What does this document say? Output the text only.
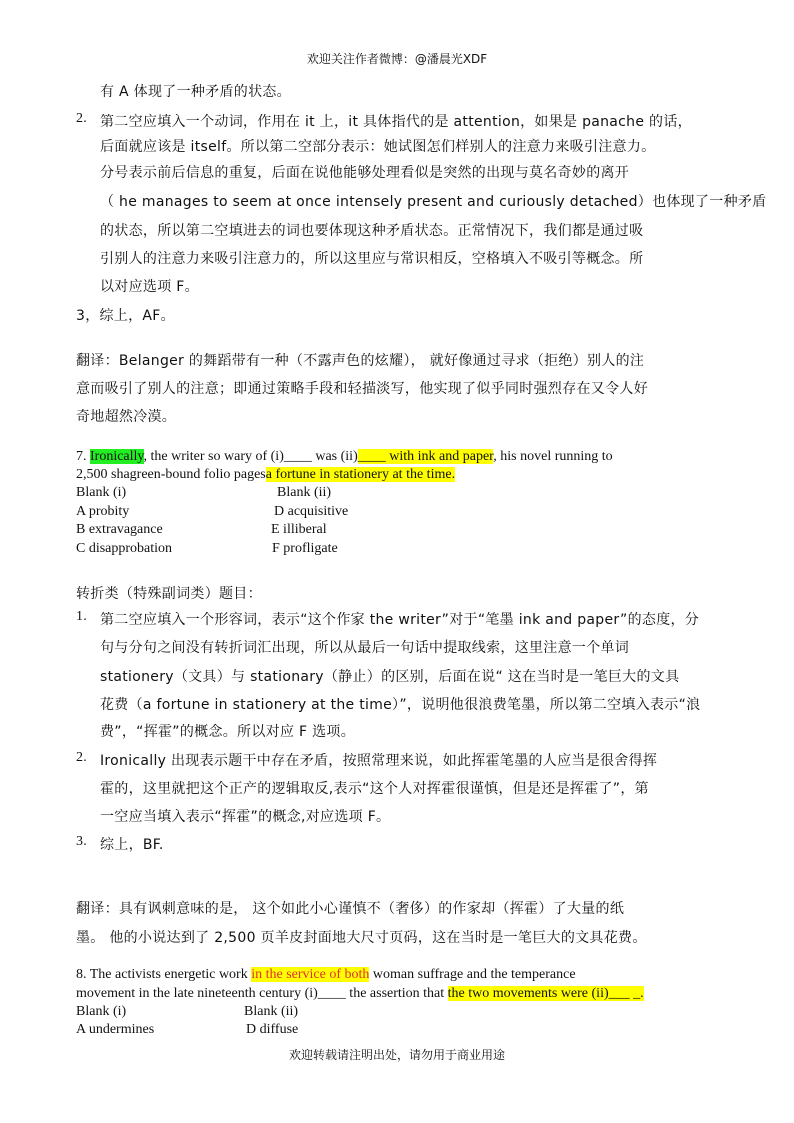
欢迎关注作者微博：@潘晨光XDF
有 A 体现了一种矛盾的状态。
2. 第二空应填入一个动词，作用在 it 上，it 具体指代的是 attention，如果是 panache 的话，
后面就应该是 itself。所以第二空部分表示：她试图怎们样别人的注意力来吸引注意力。
分号表示前后信息的重复，后面在说他能够处理看似是突然的出现与莫名奇妙的离开
（ he manages to seem at once intensely present and curiously detached）也体现了一种矛盾
的状态，所以第二空填进去的词也要体现这种矛盾状态。正常情况下，我们都是通过吸
引别人的注意力来吸引注意力的，所以这里应与常识相反，空格填入不吸引等概念。所
以对应选项 F。
3，综上，AF。
翻译：Belanger 的舞蹈带有一种（不露声色的炫耀）， 就好像通过寻求（拒绝）别人的注
意而吸引了别人的注意；即通过策略手段和轻描淡写，他实现了似乎同时强烈存在又令人好
奇地超然冷漠。
7. Ironically, the writer so wary of (i)____ was (ii)____ with ink and paper, his novel running to
2,500 shagreen-bound folio pagesa fortune in stationery at the time.
Blank (i)	Blank (ii)
A probity	D acquisitive
B extravagance	E illiberal
C disapprobation	F profligate
转折类（特殊副词类）题目：
1. 第二空应填入一个形容词，表示“这个作家 the writer”对于“笔墨 ink and paper”的态度，分
句与分句之间没有转折词汇出现，所以从最后一句话中提取线索，这里注意一个单词
stationery（文具）与 stationary（静止）的区别，后面在说“ 这在当时是一笔巨大的文具
花费（a fortune in stationery at the time）”，说明他很浪费笔墨，所以第二空填入表示“浪
费”，“挥霍”的概念。所以对应 F 选项。
2. Ironically 出现表示题干中存在矛盾，按照常理来说，如此挥霍笔墨的人应当是很舍得挥
霍的，这里就把这个正产的逻辑取反,表示“这个人对挥霍很谨慎，但是还是挥霍了”，第
一空应当填入表示“挥霍”的概念,对应选项 F。
3. 综上，BF.
翻译：具有讽刺意味的是， 这个如此小心谨慎不（奢侈）的作家却（挥霍）了大量的纸
墨。 他的小说达到了 2,500 页羊皮封面地大尺寸页码，这在当时是一笔巨大的文具花费。
8. The activists energetic work in the service of both woman suffrage and the temperance
movement in the late nineteenth century (i)____ the assertion that the two movements were (ii)___ _.
Blank (i)	Blank (ii)
A undermines	D diffuse
欢迎转载请注明出处，请勿用于商业用途
